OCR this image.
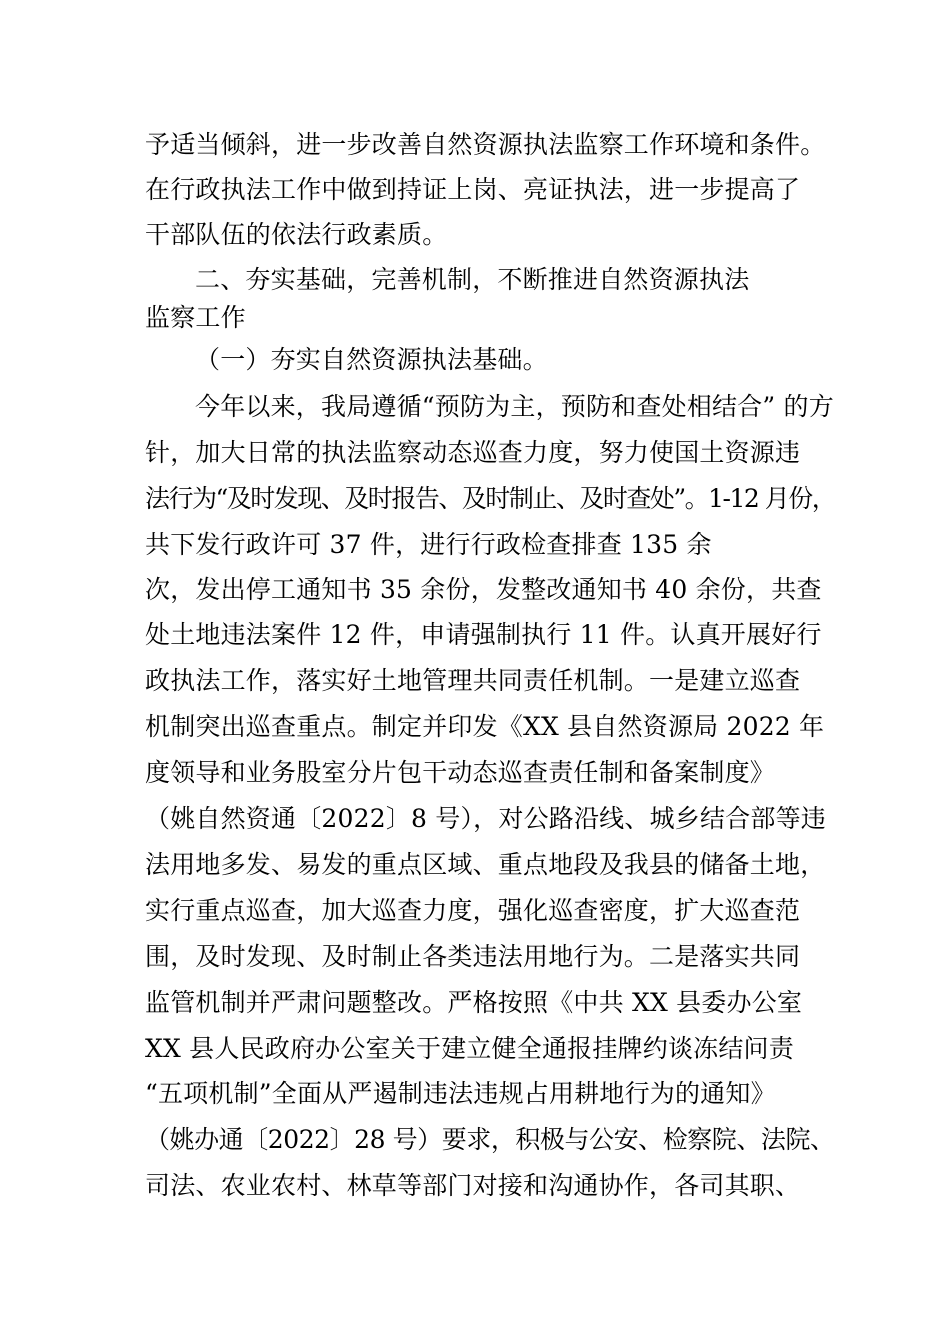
予适当倾斜，进一步改善自然资源执法监察工作环境和条件。
在行政执法工作中做到持证上岗、亮证执法，进一步提高了
干部队伍的依法行政素质。
二、夯实基础，完善机制，不断推进自然资源执法
监察工作
（一）夯实自然资源执法基础。
今年以来，我局遵循“预防为主，预防和查处相结合” 的方
针，加大日常的执法监察动态巡查力度，努力使国土资源违
法行为“及时发现、及时报告、及时制止、及时查处”。1-12 月份，
共下发行政许可 37 件，进行行政检查排查 135 余
次，发出停工通知书 35 余份，发整改通知书 40 余份，共查
处土地违法案件 12 件，申请强制执行 11 件。认真开展好行
政执法工作，落实好土地管理共同责任机制。一是建立巡查
机制突出巡查重点。制定并印发《XX 县自然资源局 2022 年
度领导和业务股室分片包干动态巡查责任制和备案制度》
（姚自然资通〔2022〕8 号），对公路沿线、城乡结合部等违
法用地多发、易发的重点区域、重点地段及我县的储备土地，
实行重点巡查，加大巡查力度，强化巡查密度，扩大巡查范
围，及时发现、及时制止各类违法用地行为。二是落实共同
监管机制并严肃问题整改。严格按照《中共 XX 县委办公室
XX 县人民政府办公室关于建立健全通报挂牌约谈冻结问责
“五项机制”全面从严遏制违法违规占用耕地行为的通知》
（姚办通〔2022〕28 号）要求，积极与公安、检察院、法院、
司法、农业农村、林草等部门对接和沟通协作，各司其职、
